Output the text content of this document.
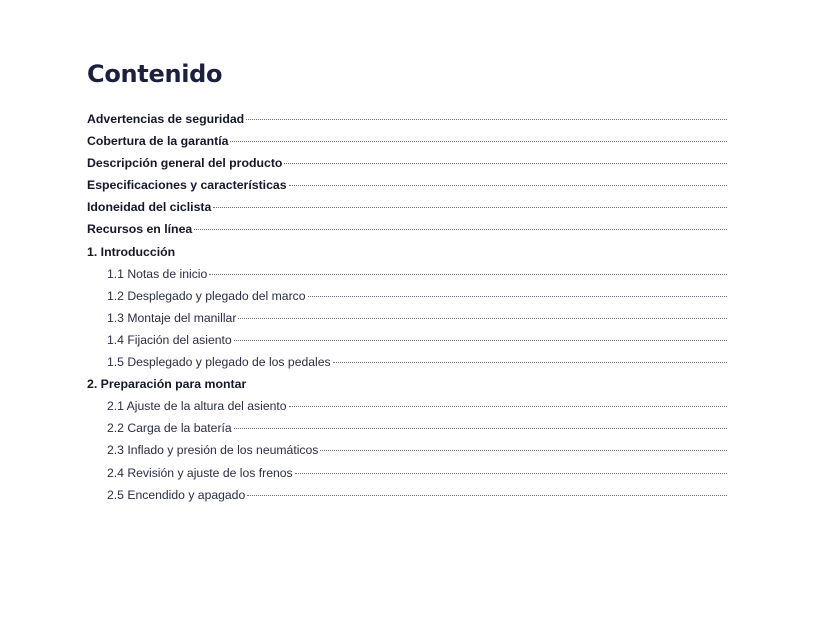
Contenido
Advertencias de seguridad
Cobertura de la garantía
Descripción general del producto
Especificaciones y características
Idoneidad del ciclista
Recursos en línea
1. Introducción
1.1 Notas de inicio
1.2 Desplegado y plegado del marco
1.3 Montaje del manillar
1.4 Fijación del asiento
1.5 Desplegado y plegado de los pedales
2. Preparación para montar
2.1 Ajuste de la altura del asiento
2.2 Carga de la batería
2.3 Inflado y presión de los neumáticos
2.4 Revisión y ajuste de los frenos
2.5 Encendido y apagado
